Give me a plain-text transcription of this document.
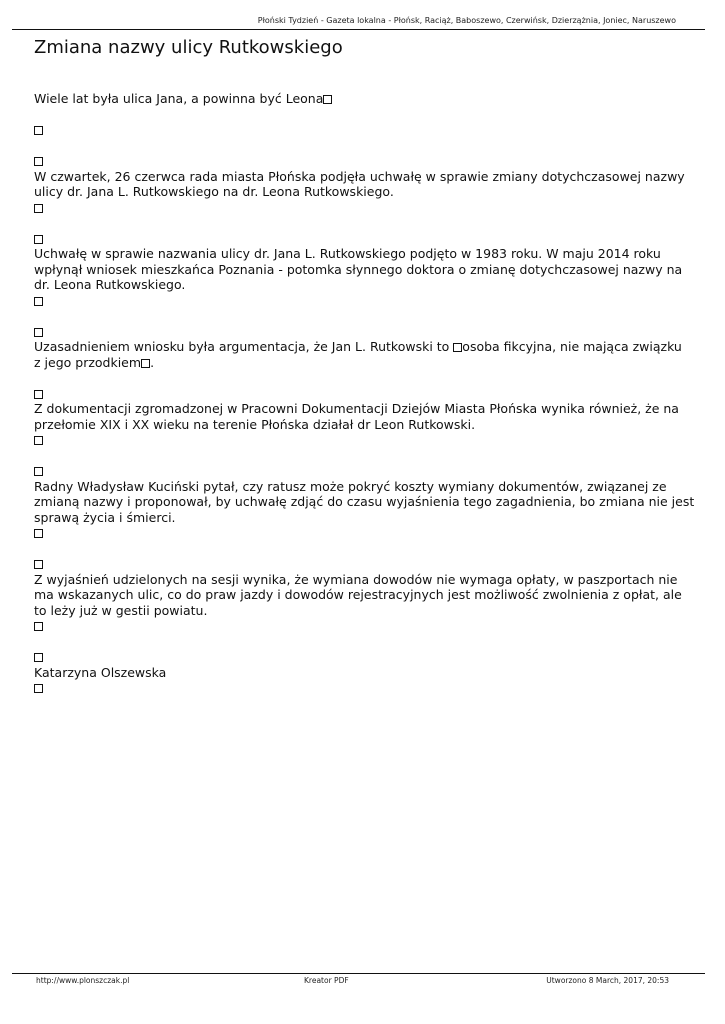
Płoński Tydzień - Gazeta lokalna - Płońsk, Raciąż, Baboszewo, Czerwińsk, Dzierzążnia, Joniec, Naruszewo
Zmiana nazwy ulicy Rutkowskiego
Wiele lat była ulica Jana, a powinna być Leona
W czwartek, 26 czerwca rada miasta Płońska podjęła uchwałę w sprawie zmiany dotychczasowej nazwy
ulicy dr. Jana L. Rutkowskiego na dr. Leona Rutkowskiego.
Uchwałę w sprawie nazwania ulicy dr. Jana L. Rutkowskiego podjęto w 1983 roku. W maju 2014 roku
wpłynął wniosek mieszkańca Poznania - potomka słynnego doktora o zmianę dotychczasowej nazwy na
dr. Leona Rutkowskiego.
Uzasadnieniem wniosku była argumentacja, że Jan L. Rutkowski to osoba fikcyjna, nie mająca związku
z jego przodkiem .
Z dokumentacji zgromadzonej w Pracowni Dokumentacji Dziejów Miasta Płońska wynika również, że na
przełomie XIX i XX wieku na terenie Płońska działał dr Leon Rutkowski.
Radny Władysław Kuciński pytał, czy ratusz może pokryć koszty wymiany dokumentów, związanej ze
zmianą nazwy i proponował, by uchwałę zdjąć do czasu wyjaśnienia tego zagadnienia, bo zmiana nie jest
sprawą życia i śmierci.
Z wyjaśnień udzielonych na sesji wynika, że wymiana dowodów nie wymaga opłaty, w paszportach nie
ma wskazanych ulic, co do praw jazdy i dowodów rejestracyjnych jest możliwość zwolnienia z opłat, ale
to leży już w gestii powiatu.
Katarzyna Olszewska
http://www.plonszczak.pl	Kreator PDF	Utworzono 8 March, 2017, 20:53
